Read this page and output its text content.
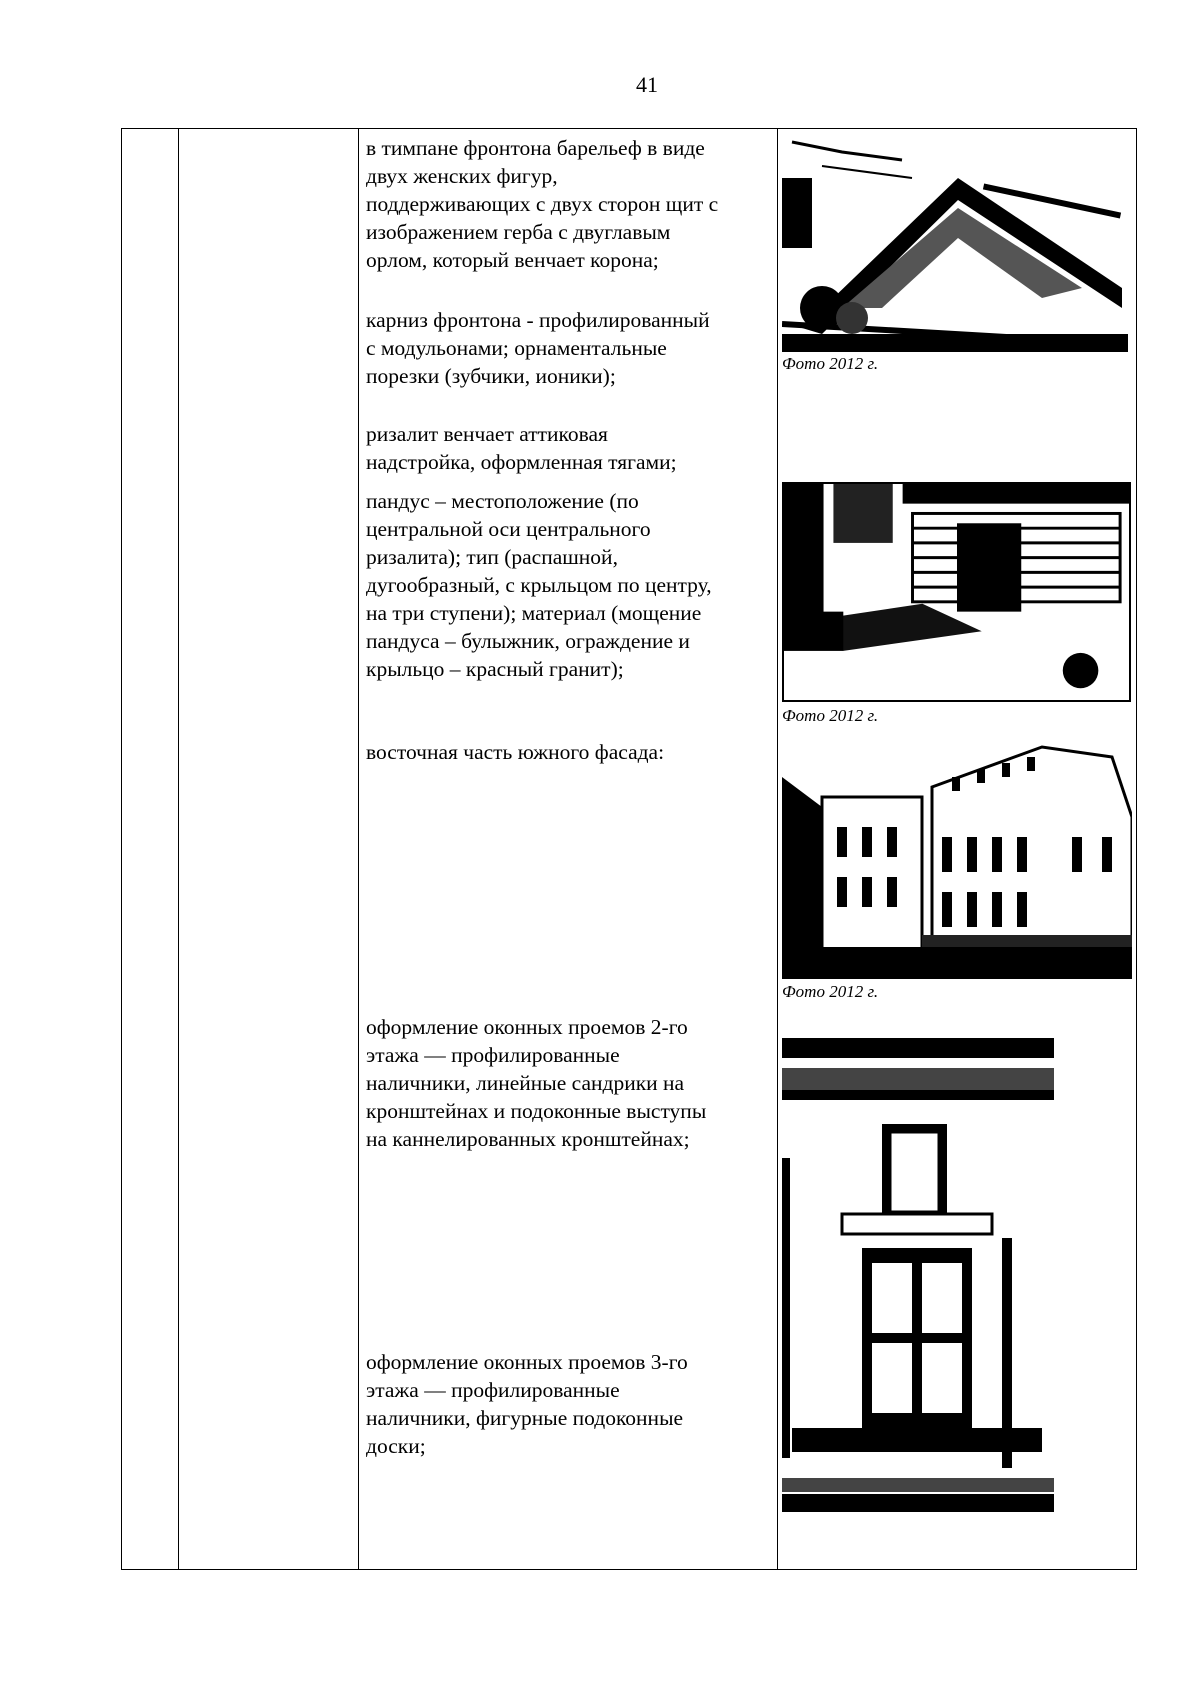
41
в тимпане фронтона барельеф в виде
двух женских фигур,
поддерживающих с двух сторон щит с
изображением герба с двуглавым
орлом, который венчает корона;
карниз фронтона - профилированный
с модульонами; орнаментальные
порезки (зубчики, ионики);
ризалит венчает аттиковая
надстройка, оформленная тягами;
пандус – местоположение (по
центральной оси центрального
ризалита); тип (распашной,
дугообразный, с крыльцом по центру,
на три ступени); материал (мощение
пандуса – булыжник, ограждение и
крыльцо – красный гранит);
восточная часть южного фасада:
оформление оконных проемов 2-го
этажа — профилированные
наличники, линейные сандрики на
кронштейнах и подоконные выступы
на каннелированных кронштейнах;
оформление оконных проемов 3-го
этажа — профилированные
наличники, фигурные подоконные
доски;
Фото 2012 г.
Фото 2012 г.
Фото 2012 г.
